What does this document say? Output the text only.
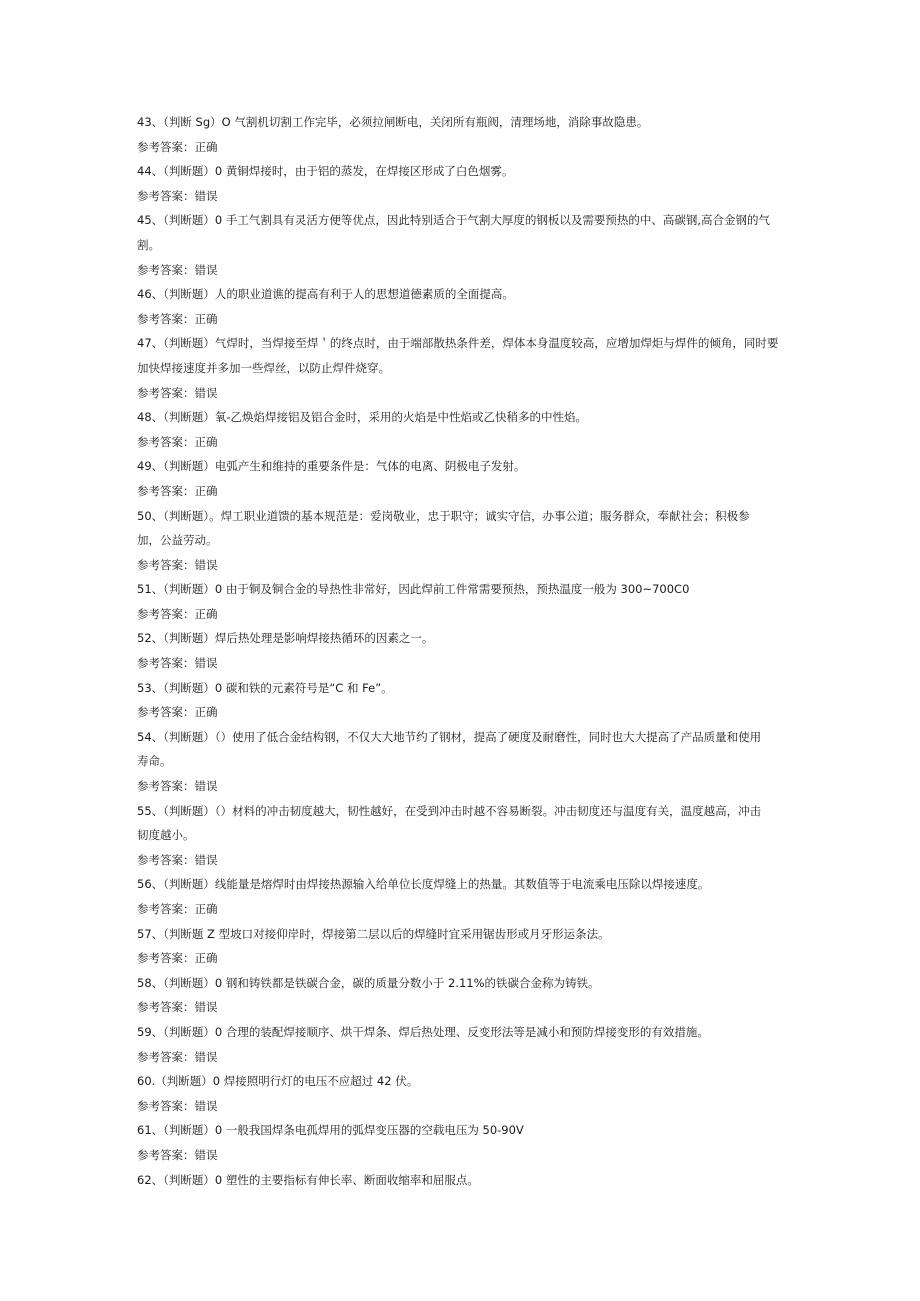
43、（判断 Sg）O 气割机切割工作完毕，必须拉闸断电，关闭所有瓶阀，清理场地，消除事故隐患。
参考答案：正确
44、（判断题）0 黄铜焊接时，由于铝的蒸发，在焊接区形成了白色烟雾。
参考答案：错误
45、（判断题）0 手工气割具有灵活方便等优点，因此特别适合于气割大厚度的钢板以及需要预热的中、高碳钢,高合金钢的气
割。
参考答案：错误
46、（判断题）人的职业道谯的提高有利于人的思想道德素质的全面提高。
参考答案：正确
47、（判断题）气焊时，当焊接至焊＇的终点时，由于端部散热条件差，焊体本身温度较高，应增加焊炬与焊件的倾角，同时要
加快焊接速度并多加一些焊丝，以防止焊件烧穿。
参考答案：错误
48、（判断题）氧-乙焕焰焊接铝及铝合金时，采用的火焰是中性焰或乙快稍多的中性焰。
参考答案：正确
49、（判断题）电弧产生和维持的重要条件是：气体的电离、阴极电子发射。
参考答案：正确
50、（判断题）。焊工职业道馈的基本规范是：爱岗敬业，忠于职守；诚实守信，办事公道；服务群众，奉献社会；积极参
加，公益劳动。
参考答案：错误
51、（判断题）0 由于铜及铜合金的导热性非常好，因此焊前工件常需要预热，预热温度一般为 300~700C0
参考答案：正确
52、（判断题）焊后热处理是影响焊接热循环的因素之一。
参考答案：错误
53、（判断题）0 碳和铁的元素符号是“C 和 Fe”。
参考答案：正确
54、（判断题）（）使用了低合金结构钢，不仅大大地节约了钢材，提高了硬度及耐磨性，同时也大大提高了产品质量和使用
寿命。
参考答案：错误
55、（判断题）（）材料的冲击韧度越大，韧性越好，在受到冲击时越不容易断裂。冲击韧度还与温度有关，温度越高，冲击
韧度越小。
参考答案：错误
56、（判断题）线能量是熔焊时由焊接热源输入给单位长度焊缝上的热量。其数值等于电流乘电压除以焊接速度。
参考答案：正确
57、（判断题 Z 型坡口对接仰岸时，焊接第二层以后的焊缝时宜采用锯齿形或月牙形运条法。
参考答案：正确
58、（判断题）0 钢和铸铁都是铁碳合金，碳的质量分数小于 2.11%的铁碳合金称为铸铁。
参考答案：错误
59、（判断题）0 合理的装配焊接顺序、烘干焊条、焊后热处理、反变形法等是减小和预防焊接变形的有效措施。
参考答案：错误
60.（判断题）0 焊接照明行灯的电压不应超过 42 伏。
参考答案：错误
61、（判断题）0 一般我国焊条电孤焊用的弧焊变压器的空载电压为 50-90V
参考答案：错误
62、（判断题）0 塑性的主要指标有伸长率、断面收缩率和屈服点。
